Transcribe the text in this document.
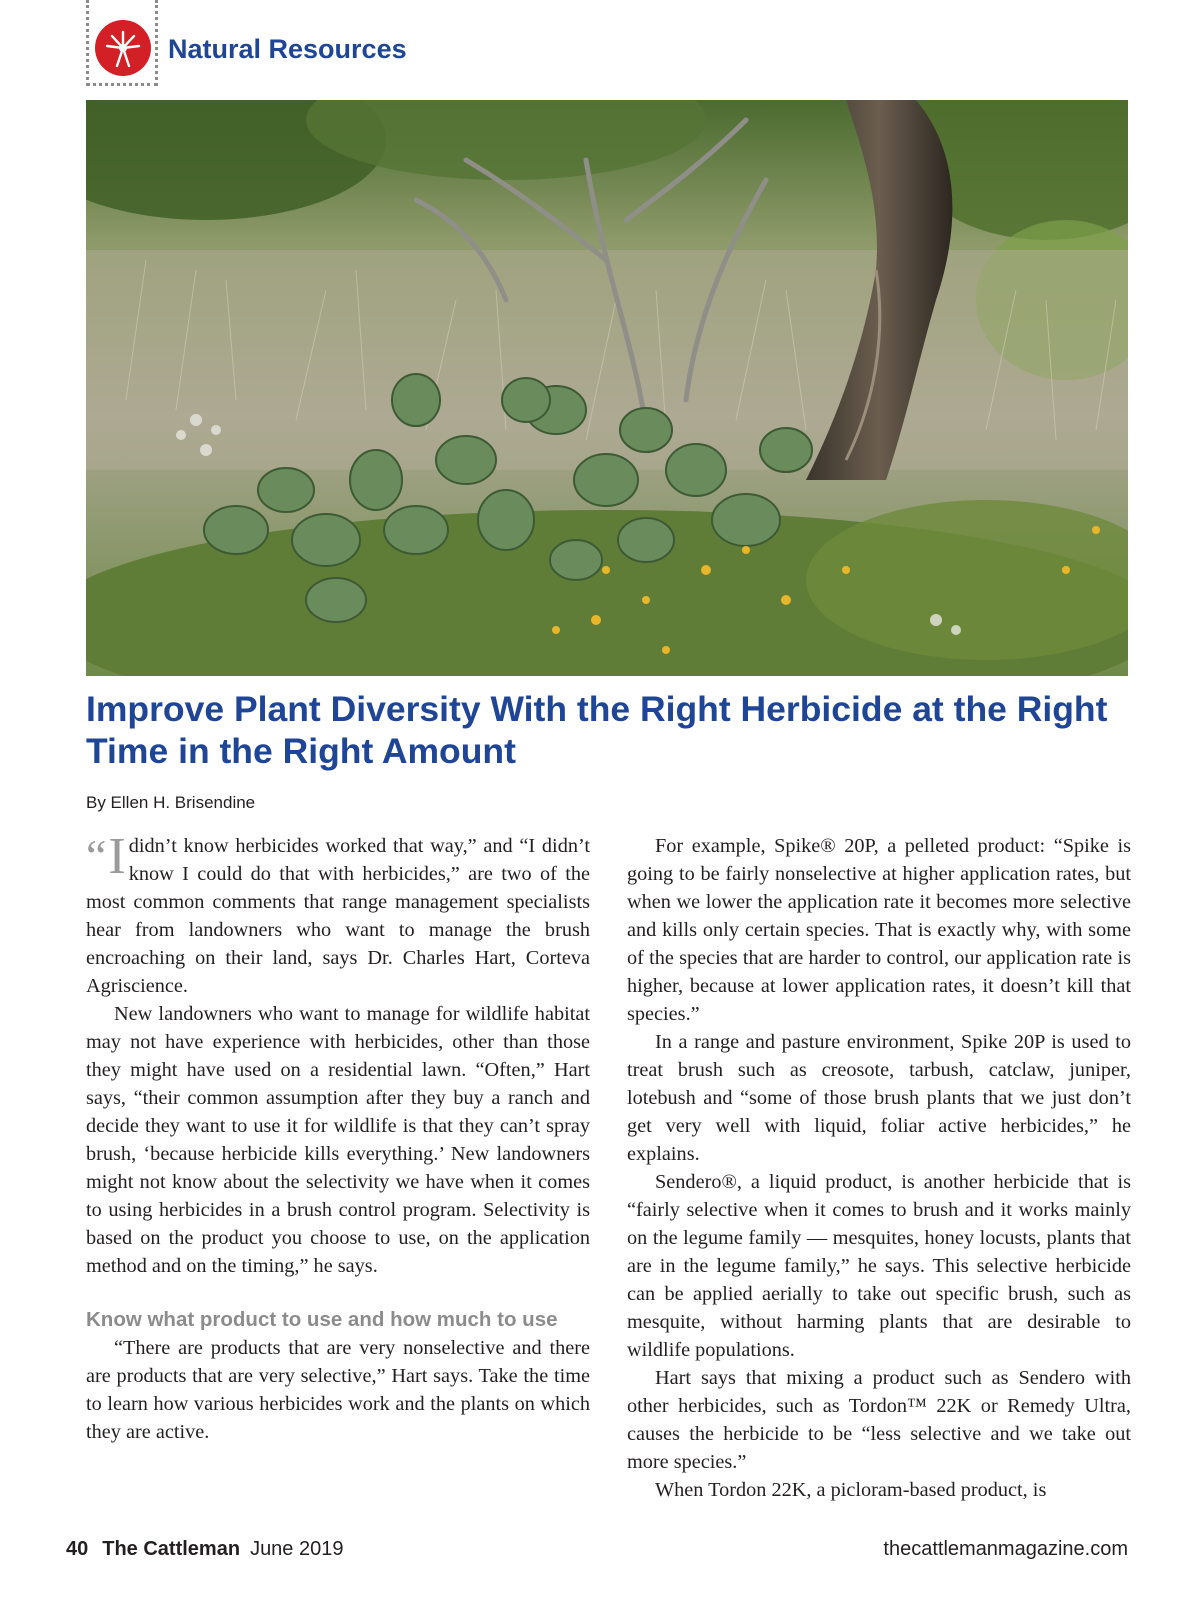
Natural Resources
Improve Plant Diversity With the Right Herbicide at the Right Time in the Right Amount
By Ellen H. Brisendine

“ I didn’t know herbicides worked that way,” and “I didn’t know I could do that with herbicides,” are two of the most common comments that range management specialists hear from landowners who want to manage the brush encroaching on their land, says Dr. Charles Hart, Corteva Agriscience.

New landowners who want to manage for wildlife habitat may not have experience with herbicides, other than those they might have used on a residential lawn. “Often,” Hart says, “their common assumption after they buy a ranch and decide they want to use it for wildlife is that they can’t spray brush, ‘because herbicide kills everything.’ New landowners might not know about the selectivity we have when it comes to using herbicides in a brush control program. Selectivity is based on the product you choose to use, on the application method and on the timing,” he says.

Know what product to use and how much to use

“There are products that are very nonselective and there are products that are very selective,” Hart says. Take the time to learn how various herbicides work and the plants on which they are active.

For example, Spike® 20P, a pelleted product: “Spike is going to be fairly nonselective at higher application rates, but when we lower the application rate it becomes more selective and kills only certain species. That is exactly why, with some of the species that are harder to control, our application rate is higher, because at lower application rates, it doesn’t kill that species.”

In a range and pasture environment, Spike 20P is used to treat brush such as creosote, tarbush, catclaw, juniper, lotebush and “some of those brush plants that we just don’t get very well with liquid, foliar active herbicides,” he explains.

Sendero®, a liquid product, is another herbicide that is “fairly selective when it comes to brush and it works mainly on the legume family — mesquites, honey locusts, plants that are in the legume family,” he says. This selective herbicide can be applied aerially to take out specific brush, such as mesquite, without harming plants that are desirable to wildlife populations.

Hart says that mixing a product such as Sendero with other herbicides, such as Tordon™ 22K or Remedy Ultra, causes the herbicide to be “less selective and we take out more species.”

When Tordon 22K, a picloram-based product, is

40 The Cattleman June 2019	thecattlemanmagazine.com
